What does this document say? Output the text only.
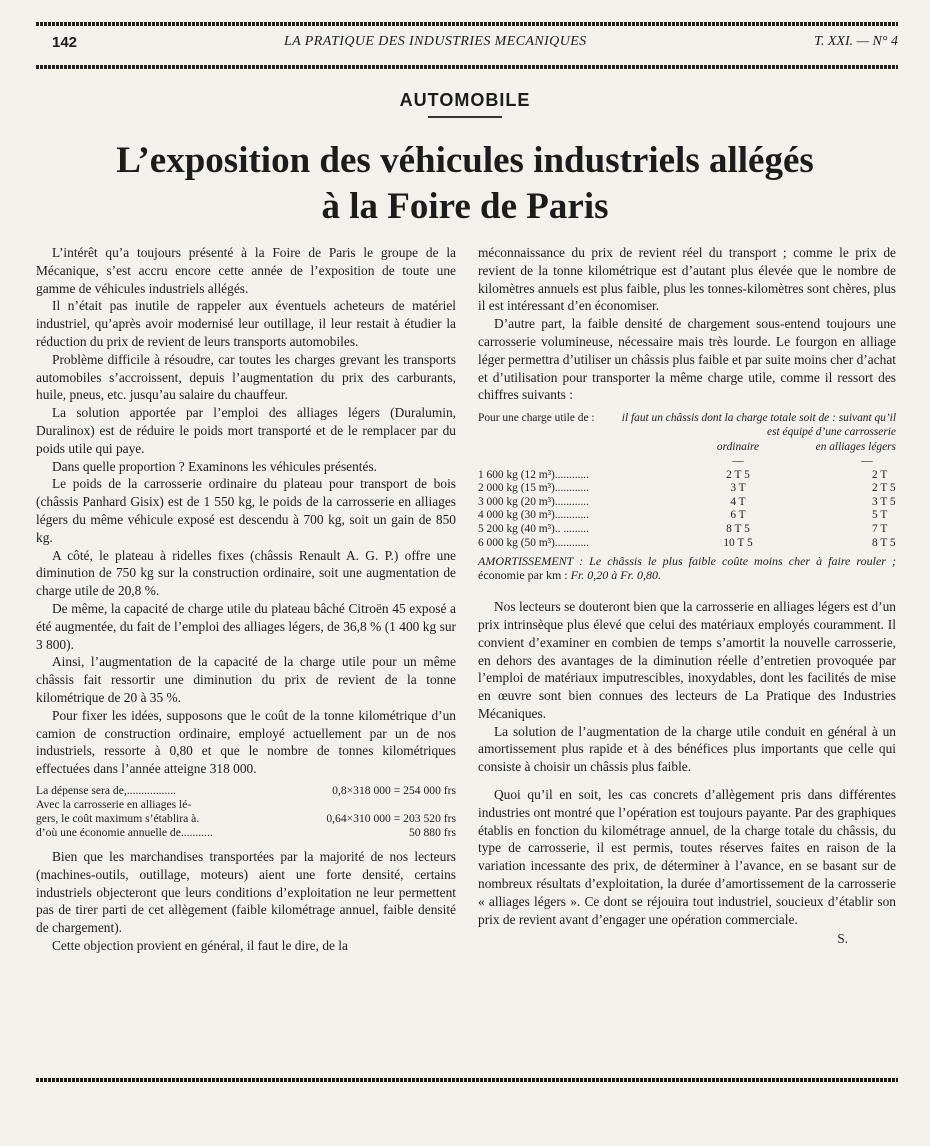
142	LA PRATIQUE DES INDUSTRIES MECANIQUES	T. XXI. — N° 4
AUTOMOBILE
L’exposition des véhicules industriels allégés
à la Foire de Paris

L’intérêt qu’a toujours présenté à la Foire de Paris le groupe de la Mécanique, s’est accru encore cette année de l’exposition de toute une gamme de véhicules industriels allégés.

Il n’était pas inutile de rappeler aux éventuels acheteurs de matériel industriel, qu’après avoir modernisé leur outillage, il leur restait à étudier la réduction du prix de revient de leurs transports automobiles.

Problème difficile à résoudre, car toutes les charges grevant les transports automobiles s’accroissent, depuis l’augmentation du prix des carburants, huile, pneus, etc. jusqu’au salaire du chauffeur.

La solution apportée par l’emploi des alliages légers (Duralumin, Duralinox) est de réduire le poids mort transporté et de le remplacer par du poids utile qui paye.

Dans quelle proportion ? Examinons les véhicules présentés.

Le poids de la carrosserie ordinaire du plateau pour transport de bois (châssis Panhard Gisix) est de 1 550 kg, le poids de la carrosserie en alliages légers du même véhicule exposé est descendu à 700 kg, soit un gain de 850 kg.

A côté, le plateau à ridelles fixes (châssis Renault A. G. P.) offre une diminution de 750 kg sur la construction ordinaire, soit une augmentation de charge utile de 20,8 %.

De même, la capacité de charge utile du plateau bâché Citroën 45 exposé a été augmentée, du fait de l’emploi des alliages légers, de 36,8 % (1 400 kg sur 3 800).

Ainsi, l’augmentation de la capacité de la charge utile pour un même châssis fait ressortir une diminution du prix de revient de la tonne kilométrique de 20 à 35 %.

Pour fixer les idées, supposons que le coût de la tonne kilométrique d’un camion de construction ordinaire, employé actuellement par un de nos industriels, ressorte à 0,80 et que le nombre de tonnes kilométriques effectuées dans l’année atteigne 318 000.

La dépense sera de,.................	0,8×318 000 = 254 000 frs
Avec la carrosserie en alliages lé-
gers, le coût maximum s’établira à.	0,64×310 000 = 203 520 frs
d’où une économie annuelle de...........	50 880 frs

Bien que les marchandises transportées par la majorité de nos lecteurs (machines-outils, outillage, moteurs) aient une forte densité, certains industriels objecteront que leurs conditions d’exploitation ne leur permettent pas de tirer parti de cet allègement (faible kilométrage annuel, faible densité de chargement).

Cette objection provient en général, il faut le dire, de la

méconnaissance du prix de revient réel du transport ; comme le prix de revient de la tonne kilométrique est d’autant plus élevée que le nombre de kilomètres annuels est plus faible, plus les tonnes-kilomètres sont chères, plus il est intéressant d’en économiser.

D’autre part, la faible densité de chargement sous-entend toujours une carrosserie volumineuse, nécessaire mais très lourde. Le fourgon en alliage léger permettra d’utiliser un châssis plus faible et par suite moins cher d’achat et d’utilisation pour transporter la même charge utile, comme il ressort des chiffres suivants :

Pour une charge utile de :	il faut un châssis dont la charge totale soit de : suivant qu’il est équipé d’une carrosserie
ordinaire	en alliages légers
—	—
1 600 kg (12 m³)............	2 T 5	2 T
2 000 kg (15 m³)............	3 T	2 T 5
3 000 kg (20 m³)............	4 T	3 T 5
4 000 kg (30 m³)............	6 T	5 T
5 200 kg (40 m³).. .........	8 T 5	7 T
6 000 kg (50 m³)............	10 T 5	8 T 5
AMORTISSEMENT : Le châssis le plus faible coûte moins cher à faire rouler ; économie par km : Fr. 0,20 à Fr. 0,80.

Nos lecteurs se douteront bien que la carrosserie en alliages légers est d’un prix intrinsèque plus élevé que celui des matériaux employés couramment. Il convient d’examiner en combien de temps s’amortit la nouvelle carrosserie, en dehors des avantages de la diminution réelle d’entretien provoquée par l’emploi de matériaux imputrescibles, inoxydables, dont les facilités de mise en œuvre sont bien connues des lecteurs de La Pratique des Industries Mécaniques.

La solution de l’augmentation de la charge utile conduit en général à un amortissement plus rapide et à des bénéfices plus importants que celle qui consiste à choisir un châssis plus faible.

Quoi qu’il en soit, les cas concrets d’allègement pris dans différentes industries ont montré que l’opération est toujours payante. Par des graphiques établis en fonction du kilométrage annuel, de la charge totale du châssis, du type de carrosserie, il est permis, toutes réserves faites en raison de la variation incessante des prix, de déterminer à l’avance, en se basant sur de nombreux résultats d’exploitation, la durée d’amortissement de la carrosserie « alliages légers ». Ce dont se réjouira tout industriel, soucieux d’établir son prix de revient avant d’engager une opération commerciale.

S.
